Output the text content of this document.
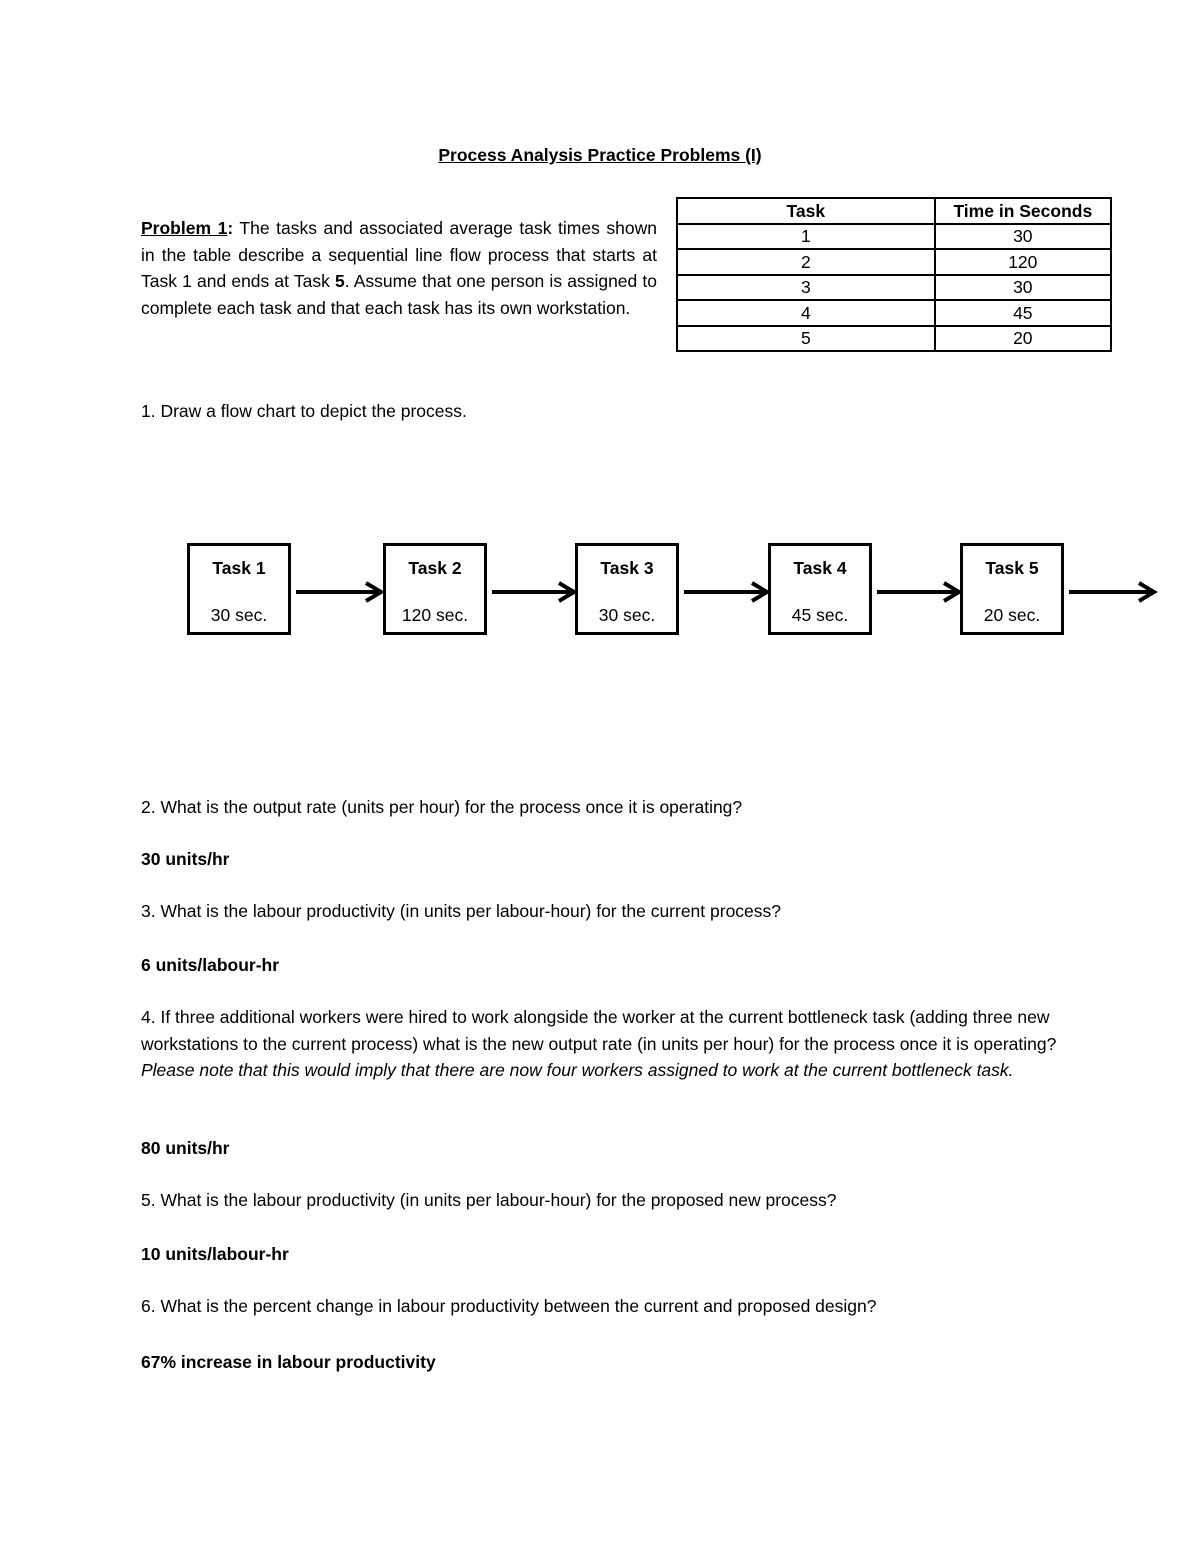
Process Analysis Practice Problems (I)
Problem 1: The tasks and associated average task times shown in the table describe a sequential line flow process that starts at Task 1 and ends at Task 5. Assume that one person is assigned to complete each task and that each task has its own workstation.
Task	Time in Seconds
1	30
2	120
3	30
4	45
5	20
1. Draw a flow chart to depict the process.
Task 1
30 sec.
Task 2
120 sec.
Task 3
30 sec.
Task 4
45 sec.
Task 5
20 sec.
2. What is the output rate (units per hour) for the process once it is operating?
30 units/hr
3. What is the labour productivity (in units per labour-hour) for the current process?
6 units/labour-hr
4. If three additional workers were hired to work alongside the worker at the current bottleneck task (adding three new workstations to the current process) what is the new output rate (in units per hour) for the process once it is operating? Please note that this would imply that there are now four workers assigned to work at the current bottleneck task.
80 units/hr
5. What is the labour productivity (in units per labour-hour) for the proposed new process?
10 units/labour-hr
6. What is the percent change in labour productivity between the current and proposed design?
67% increase in labour productivity
